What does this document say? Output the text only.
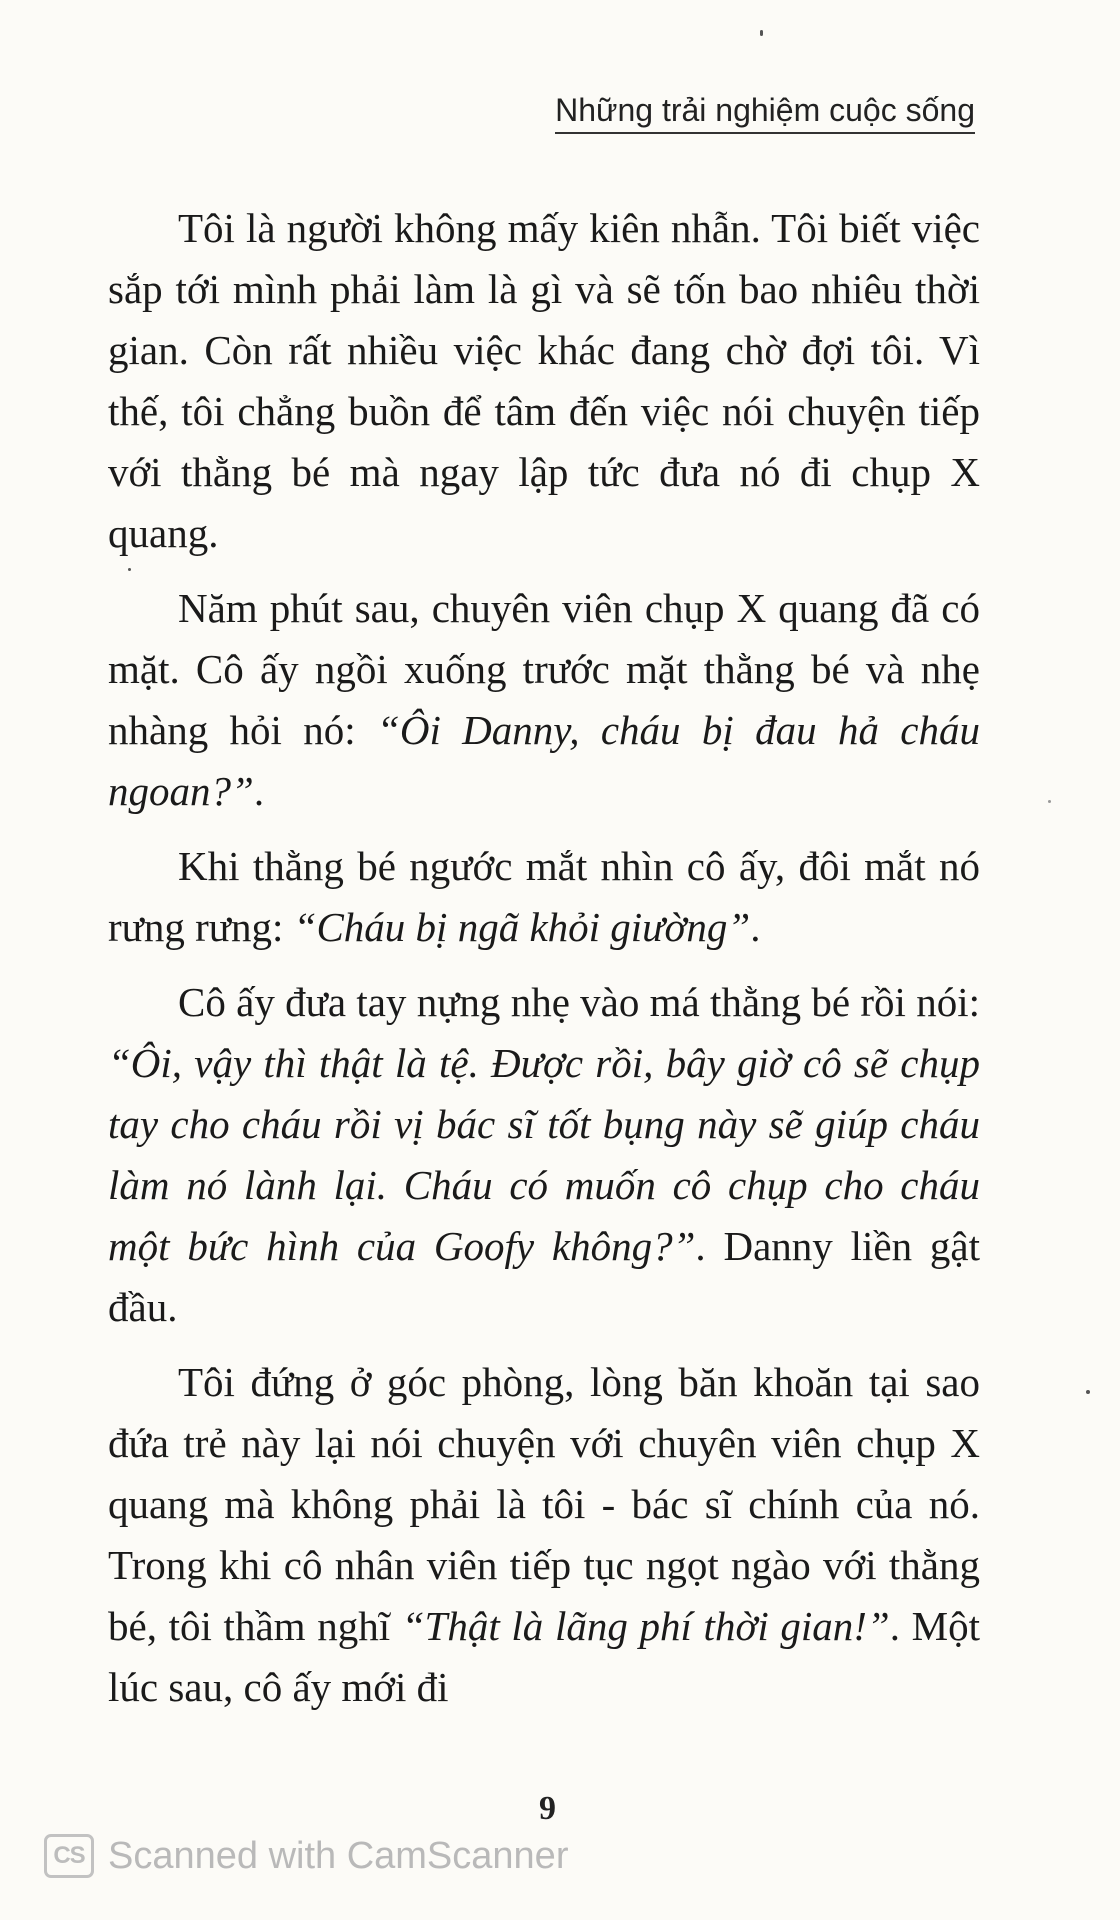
Những trải nghiệm cuộc sống

Tôi là người không mấy kiên nhẫn. Tôi biết việc sắp tới mình phải làm là gì và sẽ tốn bao nhiêu thời gian. Còn rất nhiều việc khác đang chờ đợi tôi. Vì thế, tôi chẳng buồn để tâm đến việc nói chuyện tiếp với thằng bé mà ngay lập tức đưa nó đi chụp X quang.

Năm phút sau, chuyên viên chụp X quang đã có mặt. Cô ấy ngồi xuống trước mặt thằng bé và nhẹ nhàng hỏi nó: “Ôi Danny, cháu bị đau hả cháu ngoan?”.

Khi thằng bé ngước mắt nhìn cô ấy, đôi mắt nó rưng rưng: “Cháu bị ngã khỏi giường”.

Cô ấy đưa tay nựng nhẹ vào má thằng bé rồi nói: “Ôi, vậy thì thật là tệ. Được rồi, bây giờ cô sẽ chụp tay cho cháu rồi vị bác sĩ tốt bụng này sẽ giúp cháu làm nó lành lại. Cháu có muốn cô chụp cho cháu một bức hình của Goofy không?”. Danny liền gật đầu.

Tôi đứng ở góc phòng, lòng băn khoăn tại sao đứa trẻ này lại nói chuyện với chuyên viên chụp X quang mà không phải là tôi - bác sĩ chính của nó. Trong khi cô nhân viên tiếp tục ngọt ngào với thằng bé, tôi thầm nghĩ “Thật là lãng phí thời gian!”. Một lúc sau, cô ấy mới đi

9
CS Scanned with CamScanner
